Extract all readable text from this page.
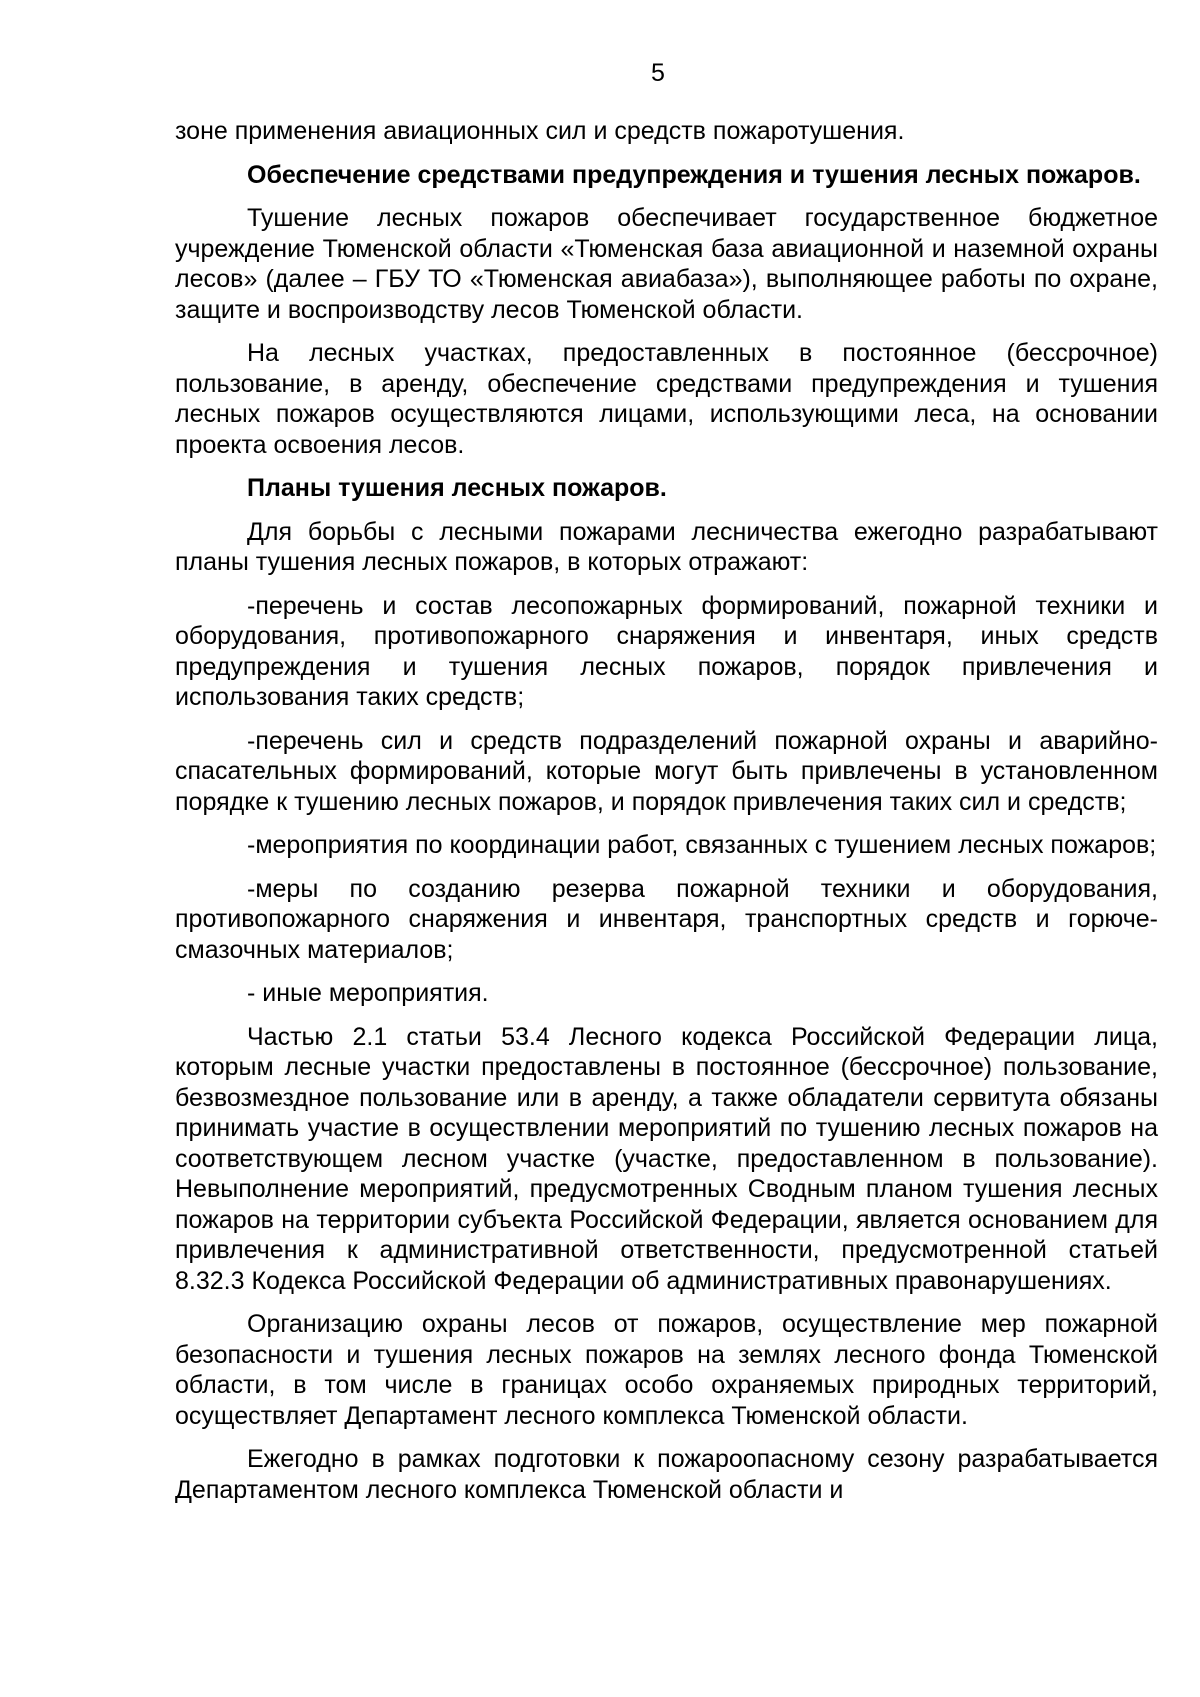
5

зоне применения авиационных сил и средств пожаротушения.

Обеспечение средствами предупреждения и тушения лесных пожаров.

Тушение лесных пожаров обеспечивает государственное бюджетное учреждение Тюменской области «Тюменская база авиационной и наземной охраны лесов» (далее – ГБУ ТО «Тюменская авиабаза»), выполняющее работы по охране, защите и воспроизводству лесов Тюменской области.

На лесных участках, предоставленных в постоянное (бессрочное) пользование, в аренду, обеспечение средствами предупреждения и тушения лесных пожаров осуществляются лицами, использующими леса, на основании проекта освоения лесов.

Планы тушения лесных пожаров.

Для борьбы с лесными пожарами лесничества ежегодно разрабатывают планы тушения лесных пожаров, в которых отражают:

-перечень и состав лесопожарных формирований, пожарной техники и оборудования, противопожарного снаряжения и инвентаря, иных средств предупреждения и тушения лесных пожаров, порядок привлечения и использования таких средств;

-перечень сил и средств подразделений пожарной охраны и аварийно-спасательных формирований, которые могут быть привлечены в установленном порядке к тушению лесных пожаров, и порядок привлечения таких сил и средств;

-мероприятия по координации работ, связанных с тушением лесных пожаров;

-меры по созданию резерва пожарной техники и оборудования, противопожарного снаряжения и инвентаря, транспортных средств и горюче-смазочных материалов;

- иные мероприятия.

Частью 2.1 статьи 53.4 Лесного кодекса Российской Федерации лица, которым лесные участки предоставлены в постоянное (бессрочное) пользование, безвозмездное пользование или в аренду, а также обладатели сервитута обязаны принимать участие в осуществлении мероприятий по тушению лесных пожаров на соответствующем лесном участке (участке, предоставленном в пользование). Невыполнение мероприятий, предусмотренных Сводным планом тушения лесных пожаров на территории субъекта Российской Федерации, является основанием для привлечения к административной ответственности, предусмотренной статьей 8.32.3 Кодекса Российской Федерации об административных правонарушениях.

Организацию охраны лесов от пожаров, осуществление мер пожарной безопасности и тушения лесных пожаров на землях лесного фонда Тюменской области, в том числе в границах особо охраняемых природных территорий, осуществляет Департамент лесного комплекса Тюменской области.

Ежегодно в рамках подготовки к пожароопасному сезону разрабатывается Департаментом лесного комплекса Тюменской области и
